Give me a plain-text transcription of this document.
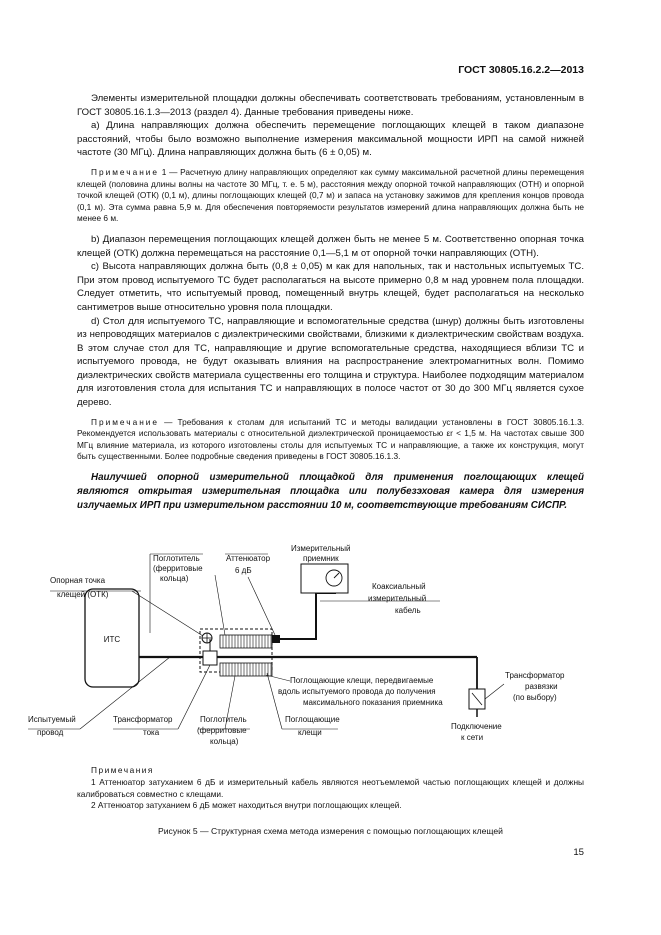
ГОСТ 30805.16.2.2—2013

Элементы измерительной площадки должны обеспечивать соответствовать требованиям, установленным в ГОСТ 30805.16.1.3—2013 (раздел 4). Данные требования приведены ниже.

а) Длина направляющих должна обеспечить перемещение поглощающих клещей в таком диапазоне расстояний, чтобы было возможно выполнение измерения максимальной мощности ИРП на самой нижней частоте (30 МГц). Длина направляющих должна быть (6 ± 0,05) м.

Примечание 1 — Расчетную длину направляющих определяют как сумму максимальной расчетной длины перемещения клещей (половина длины волны на частоте 30 МГц, т. е. 5 м), расстояния между опорной точкой направляющих (ОТН) и опорной точкой клещей (ОТК) (0,1 м), длины поглощающих клещей (0,7 м) и запаса на установку зажимов для крепления концов провода (0,1 м). Эта сумма равна 5,9 м. Для обеспечения повторяемости результатов измерений длина направляющих должна быть не менее 6 м.

b) Диапазон перемещения поглощающих клещей должен быть не менее 5 м. Соответственно опорная точка клещей (ОТК) должна перемещаться на расстояние 0,1—5,1 м от опорной точки направляющих (ОТН).

с) Высота направляющих должна быть (0,8 ± 0,05) м как для напольных, так и настольных испытуемых ТС. При этом провод испытуемого ТС будет располагаться на высоте примерно 0,8 м над уровнем пола площадки. Следует отметить, что испытуемый провод, помещенный внутрь клещей, будет располагаться на несколько сантиметров выше относительно уровня пола площадки.

d) Стол для испытуемого ТС, направляющие и вспомогательные средства (шнур) должны быть изготовлены из непроводящих материалов с диэлектрическими свойствами, близкими к диэлектрическим свойствам воздуха. В этом случае стол для ТС, направляющие и другие вспомогательные средства, находящиеся вблизи ТС и испытуемого провода, не будут оказывать влияния на распространение электромагнитных волн. Помимо диэлектрических свойств материала существенны его толщина и структура. Наиболее подходящим материалом для изготовления стола для испытания ТС и направляющих в полосе частот от 30 до 300 МГц является сухое дерево.

Примечание — Требования к столам для испытаний ТС и методы валидации установлены в ГОСТ 30805.16.1.3. Рекомендуется использовать материалы с относительной диэлектрической проницаемостью εr < 1,5 м. На частотах свыше 300 МГц влияние материала, из которого изготовлены столы для испытуемых ТС и направляющие, а также их конструкция, могут быть существенными. Более подробные сведения приведены в ГОСТ 30805.16.1.3.

Наилучшей опорной измерительной площадкой для применения поглощающих клещей являются открытая измерительная площадка или полубезэховая камера для измерения излучаемых ИРП при измерительном расстоянии 10 м, соответствующие требованиям СИСПР.

ИТС
Поглотитель (ферритовые кольца)
Аттенюатор 6 дБ
Измерительный приемник
Опорная точка клещей (ОТК)
Коаксиальный измерительный кабель
Поглощающие клещи, передвигаемые вдоль испытуемого провода до получения максимального показания приемника
Трансформатор развязки (по выбору)
Подключение к сети
Испытуемый провод
Трансформатор тока
Поглотитель (ферритовые кольца)
Поглощающие клещи
Примечания
1 Аттенюатор затуханием 6 дБ и измерительный кабель являются неотъемлемой частью поглощающих клещей и должны калиброваться совместно с клещами.
2 Аттенюатор затуханием 6 дБ может находиться внутри поглощающих клещей.
Рисунок 5 — Структурная схема метода измерения с помощью поглощающих клещей
15
